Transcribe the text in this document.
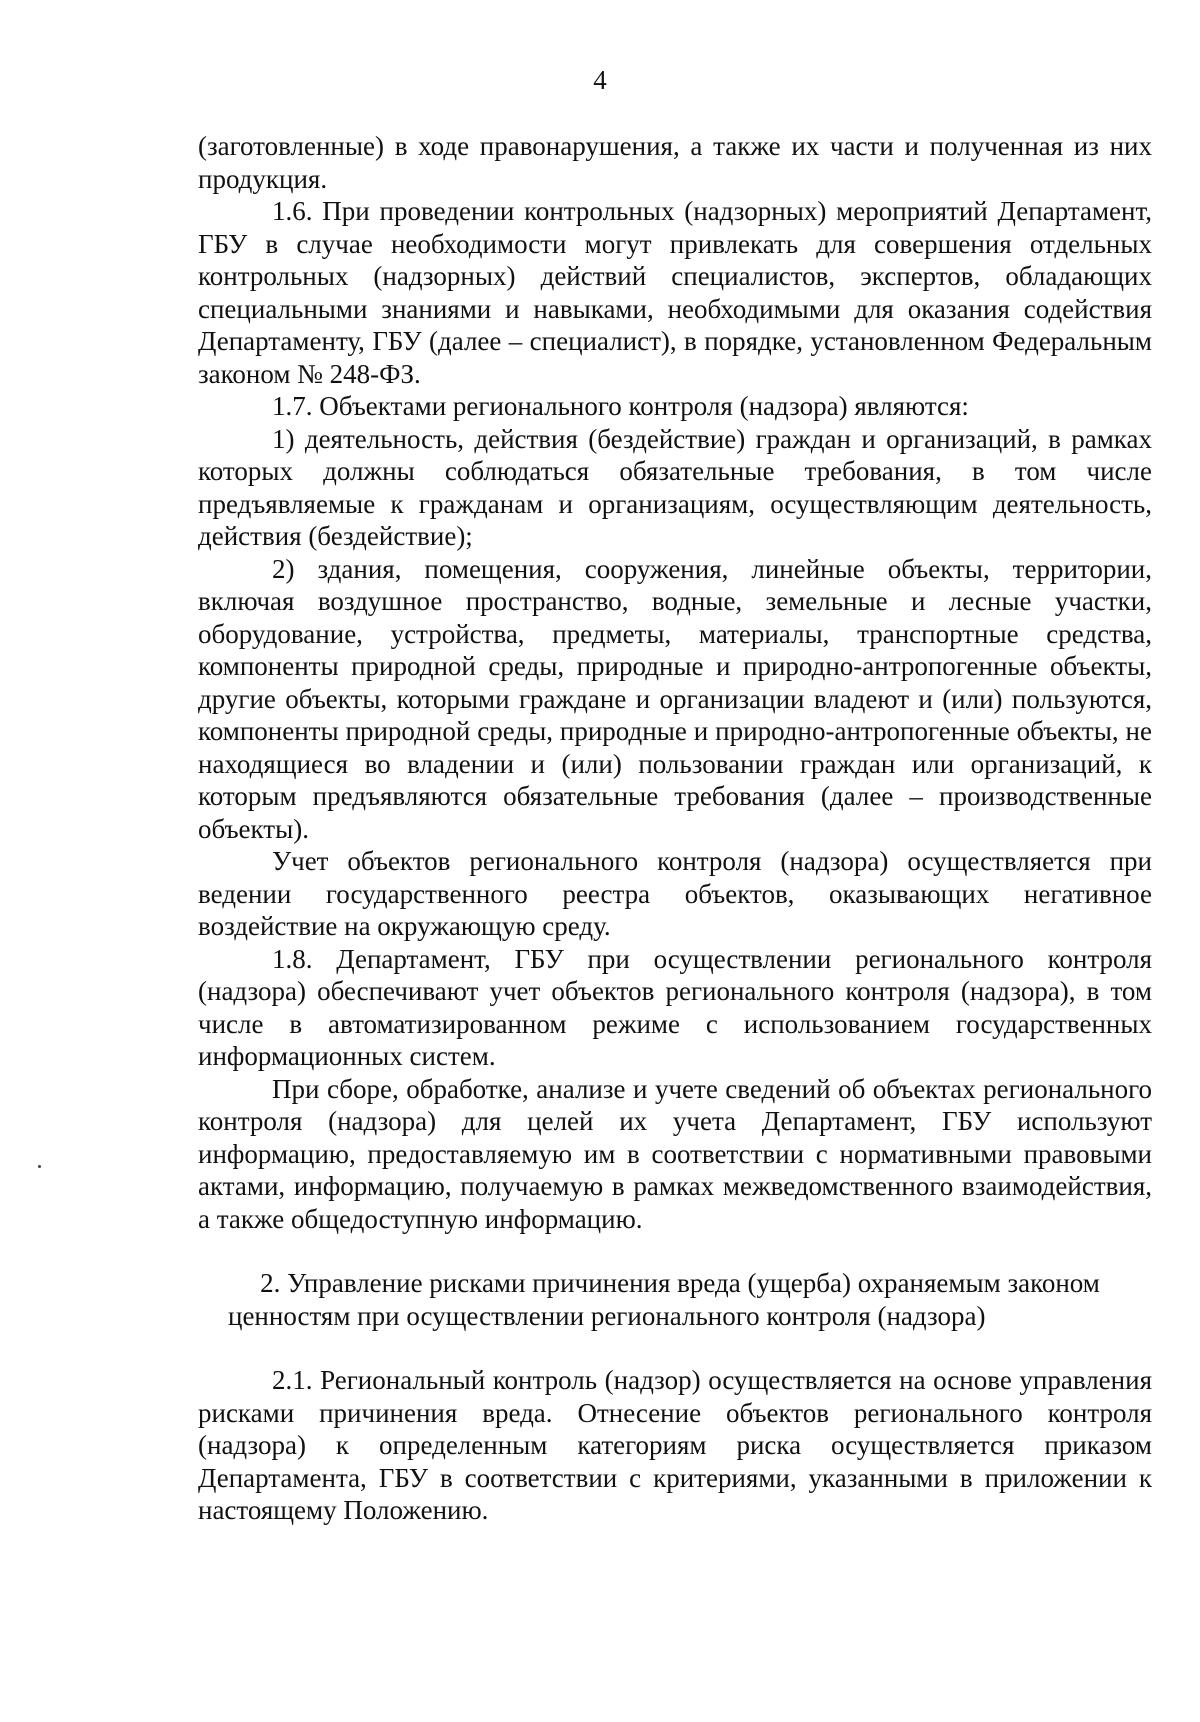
4

(заготовленные) в ходе правонарушения, а также их части и полученная из них продукция.

1.6. При проведении контрольных (надзорных) мероприятий Департамент, ГБУ в случае необходимости могут привлекать для совершения отдельных контрольных (надзорных) действий специалистов, экспертов, обладающих специальными знаниями и навыками, необходимыми для оказания содействия Департаменту, ГБУ (далее – специалист), в порядке, установленном Федеральным законом № 248-ФЗ.

1.7. Объектами регионального контроля (надзора) являются:

1) деятельность, действия (бездействие) граждан и организаций, в рамках которых должны соблюдаться обязательные требования, в том числе предъявляемые к гражданам и организациям, осуществляющим деятельность, действия (бездействие);

2) здания, помещения, сооружения, линейные объекты, территории, включая воздушное пространство, водные, земельные и лесные участки, оборудование, устройства, предметы, материалы, транспортные средства, компоненты природной среды, природные и природно-антропогенные объекты, другие объекты, которыми граждане и организации владеют и (или) пользуются, компоненты природной среды, природные и природно-антропогенные объекты, не находящиеся во владении и (или) пользовании граждан или организаций, к которым предъявляются обязательные требования (далее – производственные объекты).

Учет объектов регионального контроля (надзора) осуществляется при ведении государственного реестра объектов, оказывающих негативное воздействие на окружающую среду.

1.8. Департамент, ГБУ при осуществлении регионального контроля (надзора) обеспечивают учет объектов регионального контроля (надзора), в том числе в автоматизированном режиме с использованием государственных информационных систем.

При сборе, обработке, анализе и учете сведений об объектах регионального контроля (надзора) для целей их учета Департамент, ГБУ используют информацию, предоставляемую им в соответствии с нормативными правовыми актами, информацию, получаемую в рамках межведомственного взаимодействия, а также общедоступную информацию.

2. Управление рисками причинения вреда (ущерба) охраняемым законом ценностям при осуществлении регионального контроля (надзора)

2.1. Региональный контроль (надзор) осуществляется на основе управления рисками причинения вреда. Отнесение объектов регионального контроля (надзора) к определенным категориям риска осуществляется приказом Департамента, ГБУ в соответствии с критериями, указанными в приложении к настоящему Положению.
